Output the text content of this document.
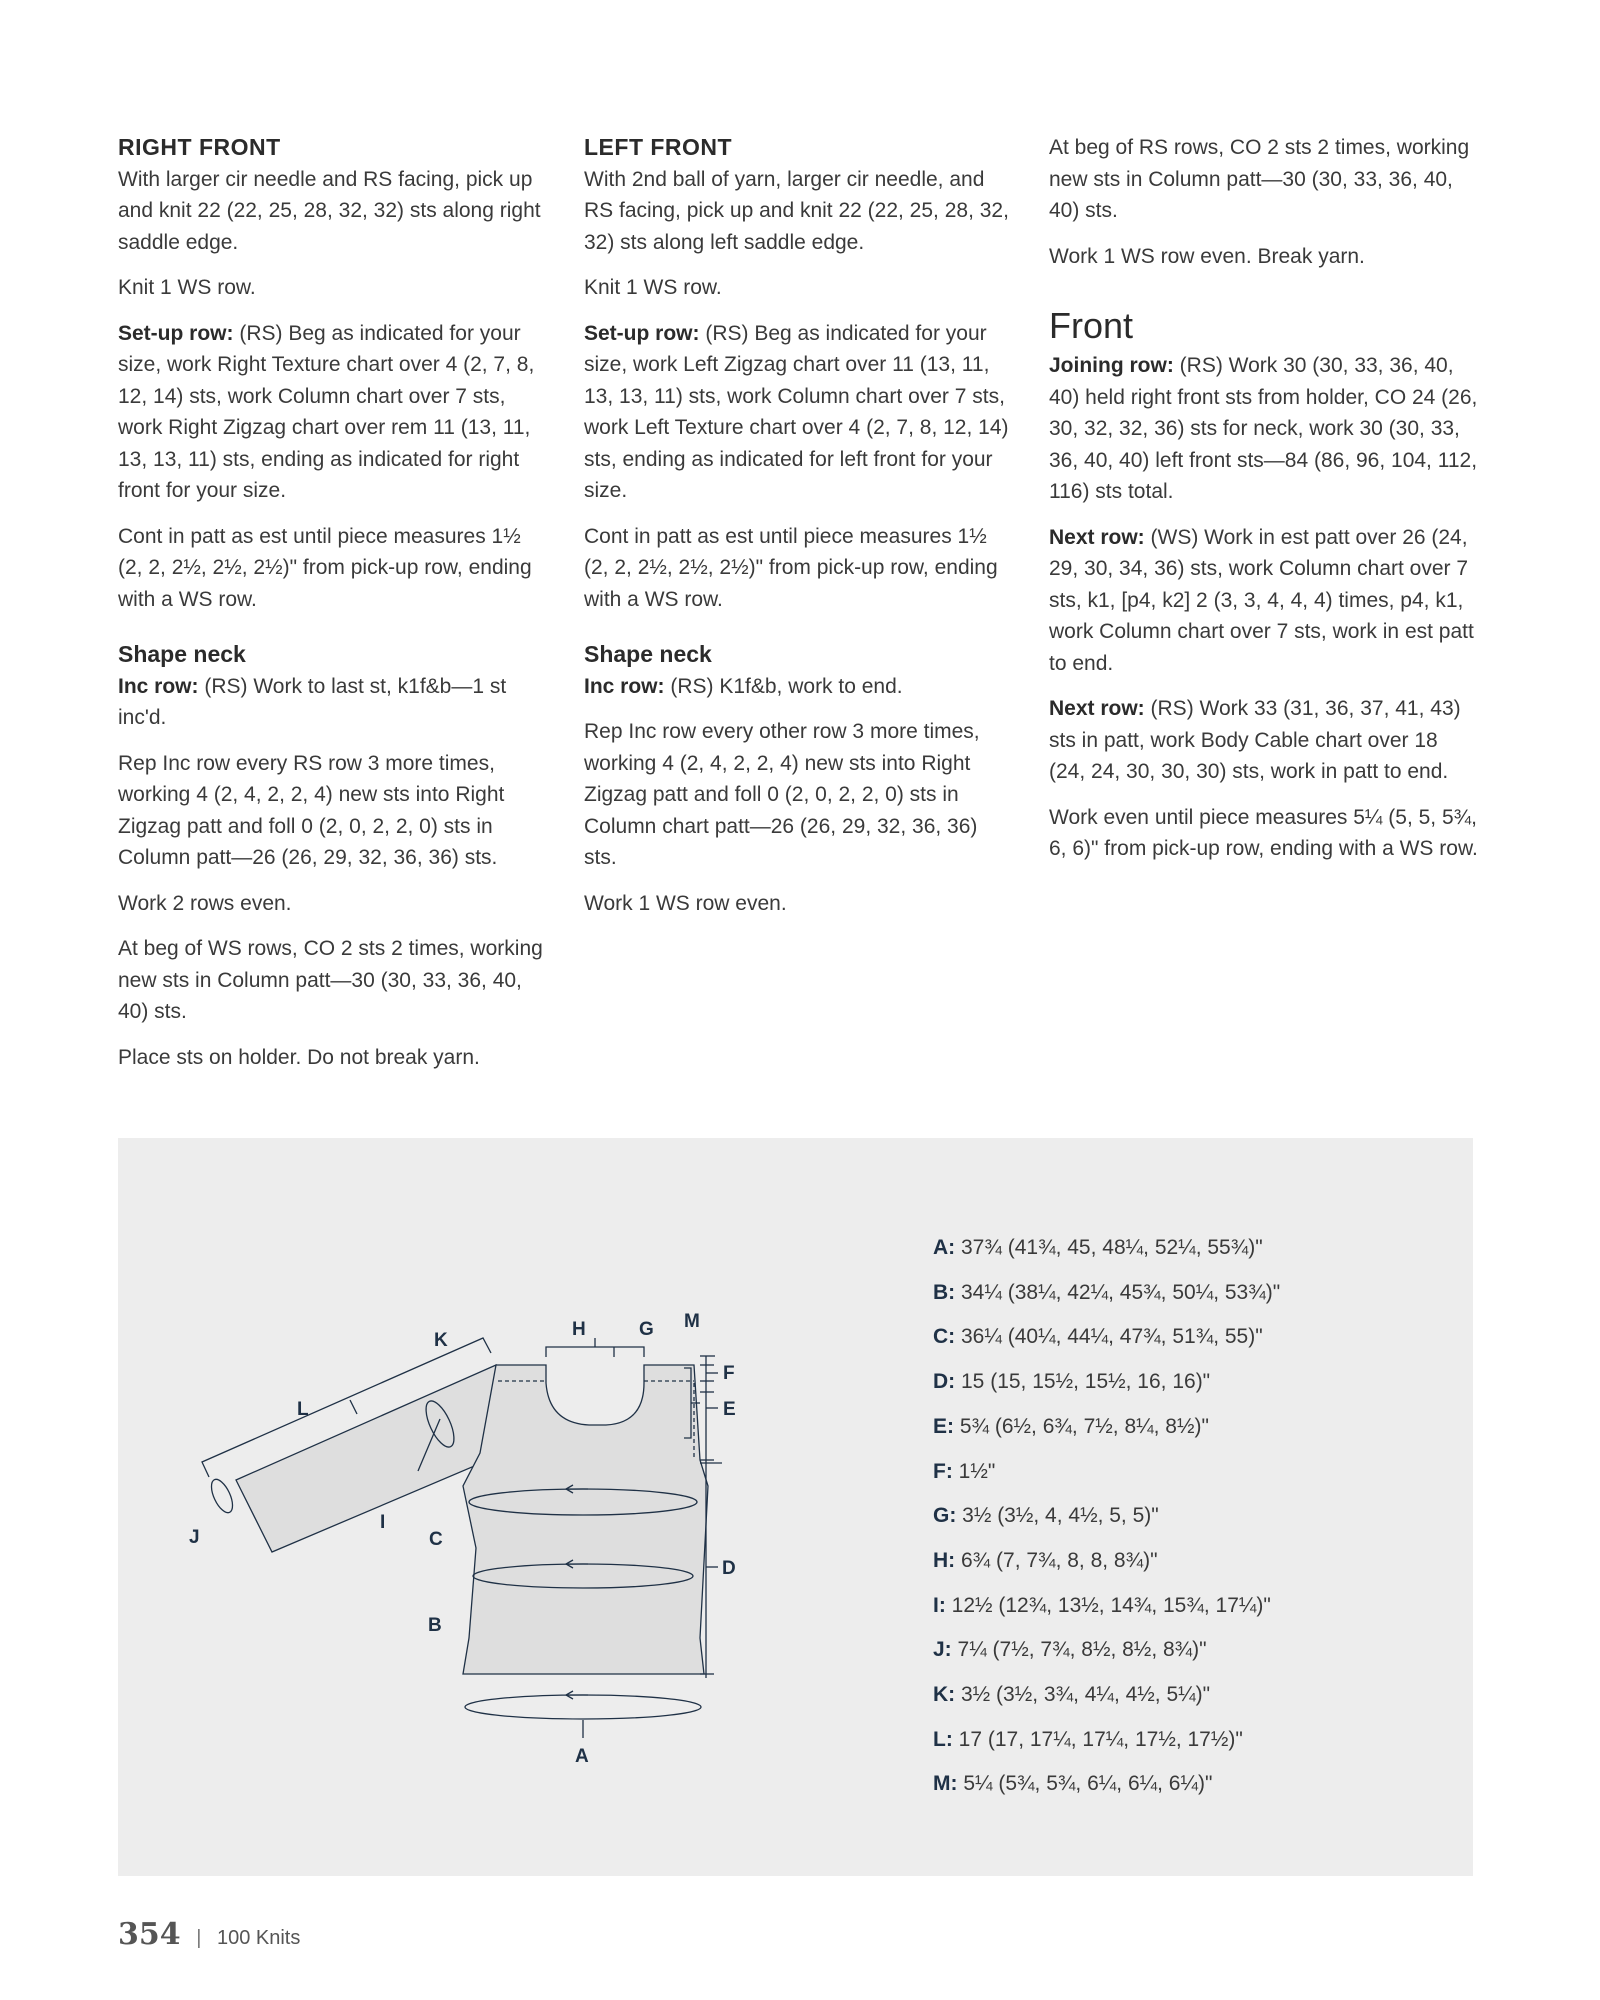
RIGHT FRONT

With larger cir needle and RS facing, pick up and knit 22 (22, 25, 28, 32, 32) sts along right saddle edge.

Knit 1 WS row.

Set-up row: (RS) Beg as indicated for your size, work Right Texture chart over 4 (2, 7, 8, 12, 14) sts, work Column chart over 7 sts, work Right Zigzag chart over rem 11 (13, 11, 13, 13, 11) sts, ending as indicated for right front for your size.

Cont in patt as est until piece measures 1½ (2, 2, 2½, 2½, 2½)" from pick-up row, ending with a WS row.

Shape neck

Inc row: (RS) Work to last st, k1f&b—1 st inc'd.

Rep Inc row every RS row 3 more times, working 4 (2, 4, 2, 2, 4) new sts into Right Zigzag patt and foll 0 (2, 0, 2, 2, 0) sts in Column patt—26 (26, 29, 32, 36, 36) sts.

Work 2 rows even.

At beg of WS rows, CO 2 sts 2 times, working new sts in Column patt—30 (30, 33, 36, 40, 40) sts.

Place sts on holder. Do not break yarn.

LEFT FRONT

With 2nd ball of yarn, larger cir needle, and RS facing, pick up and knit 22 (22, 25, 28, 32, 32) sts along left saddle edge.

Knit 1 WS row.

Set-up row: (RS) Beg as indicated for your size, work Left Zigzag chart over 11 (13, 11, 13, 13, 11) sts, work Column chart over 7 sts, work Left Texture chart over 4 (2, 7, 8, 12, 14) sts, ending as indicated for left front for your size.

Cont in patt as est until piece measures 1½ (2, 2, 2½, 2½, 2½)" from pick-up row, ending with a WS row.

Shape neck

Inc row: (RS) K1f&b, work to end.

Rep Inc row every other row 3 more times, working 4 (2, 4, 2, 2, 4) new sts into Right Zigzag patt and foll 0 (2, 0, 2, 2, 0) sts in Column chart patt—26 (26, 29, 32, 36, 36) sts.

Work 1 WS row even.

At beg of RS rows, CO 2 sts 2 times, working new sts in Column patt—30 (30, 33, 36, 40, 40) sts.

Work 1 WS row even. Break yarn.

Front

Joining row: (RS) Work 30 (30, 33, 36, 40, 40) held right front sts from holder, CO 24 (26, 30, 32, 32, 36) sts for neck, work 30 (30, 33, 36, 40, 40) left front sts—84 (86, 96, 104, 112, 116) sts total.

Next row: (WS) Work in est patt over 26 (24, 29, 30, 34, 36) sts, work Column chart over 7 sts, k1, [p4, k2] 2 (3, 3, 4, 4, 4) times, p4, k1, work Column chart over 7 sts, work in est patt to end.

Next row: (RS) Work 33 (31, 36, 37, 41, 43) sts in patt, work Body Cable chart over 18 (24, 24, 30, 30, 30) sts, work in patt to end.

Work even until piece measures 5¼ (5, 5, 5¾, 6, 6)" from pick-up row, ending with a WS row.

H	G M
K
L
F
E
D
I
C
J
B
A
A: 37¾ (41¾, 45, 48¼, 52¼, 55¾)"
B: 34¼ (38¼, 42¼, 45¾, 50¼, 53¾)"
C: 36¼ (40¼, 44¼, 47¾, 51¾, 55)"
D: 15 (15, 15½, 15½, 16, 16)"
E: 5¾ (6½, 6¾, 7½, 8¼, 8½)"
F: 1½"
G: 3½ (3½, 4, 4½, 5, 5)"
H: 6¾ (7, 7¾, 8, 8, 8¾)"
I: 12½ (12¾, 13½, 14¾, 15¾, 17¼)"
J: 7¼ (7½, 7¾, 8½, 8½, 8¾)"
K: 3½ (3½, 3¾, 4¼, 4½, 5¼)"
L: 17 (17, 17¼, 17¼, 17½, 17½)"
M: 5¼ (5¾, 5¾, 6¼, 6¼, 6¼)"
354 | 100 Knits
